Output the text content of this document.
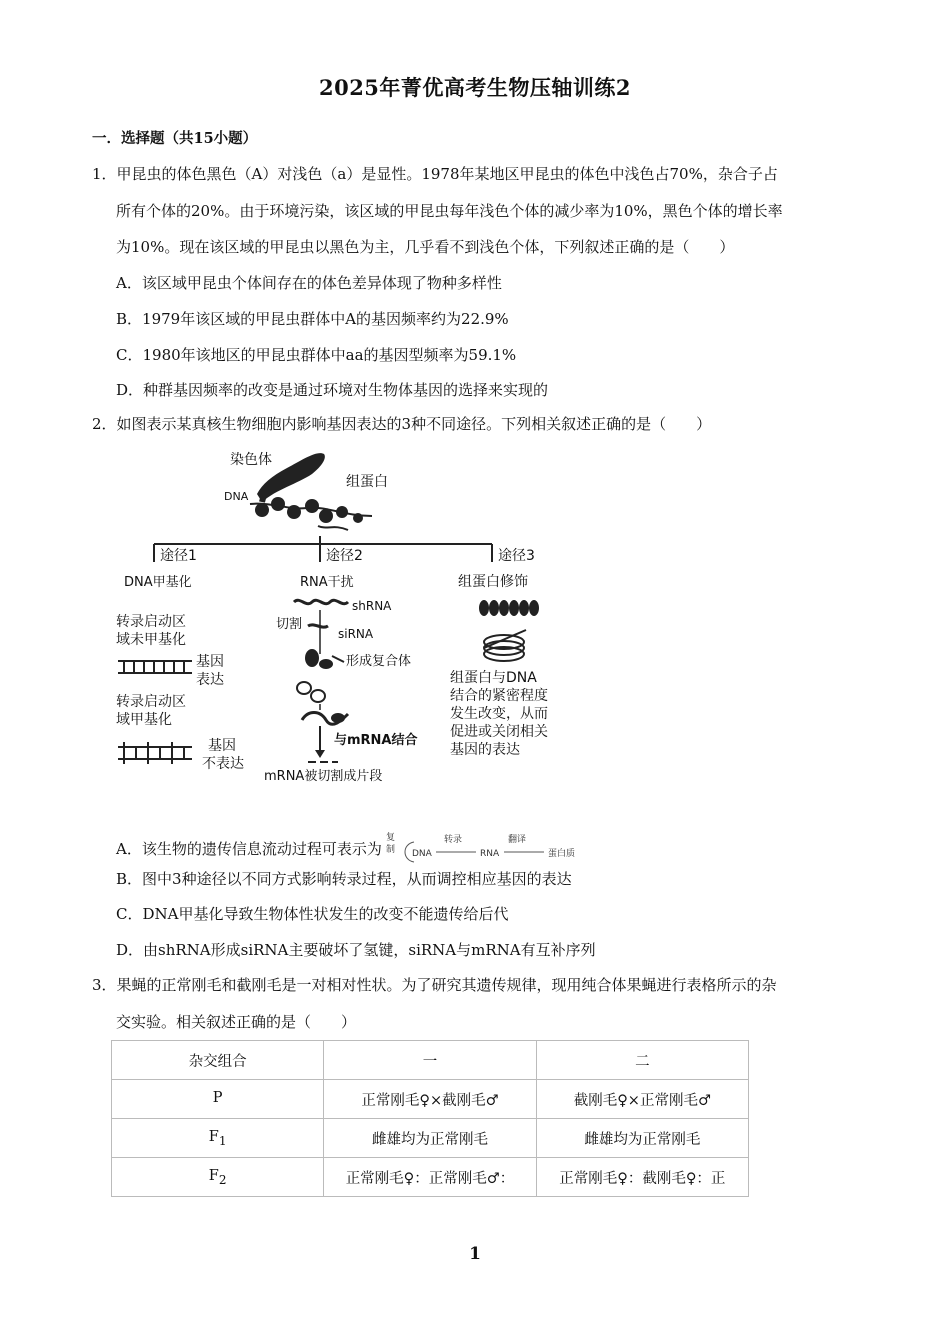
2025年菁优高考生物压轴训练2
一．选择题（共15小题）
1．甲昆虫的体色黑色（A）对浅色（a）是显性。1978年某地区甲昆虫的体色中浅色占70%，杂合子占
所有个体的20%。由于环境污染，该区域的甲昆虫每年浅色个体的减少率为10%，黑色个体的增长率
为10%。现在该区域的甲昆虫以黑色为主，几乎看不到浅色个体，下列叙述正确的是（　　）
A．该区域甲昆虫个体间存在的体色差异体现了物种多样性
B．1979年该区域的甲昆虫群体中A的基因频率约为22.9%
C．1980年该地区的甲昆虫群体中aa的基因型频率为59.1%
D．种群基因频率的改变是通过环境对生物体基因的选择来实现的
2．如图表示某真核生物细胞内影响基因表达的3种不同途径。下列相关叙述正确的是（　　）
染色体
DNA
组蛋白
途径1	途径2	途径3
DNA甲基化	RNA干扰	组蛋白修饰
转录启动区
域未甲基化
基因
表达
转录启动区
域甲基化
基因
不表达
shRNA
切割
siRNA
形成复合体
与mRNA结合
mRNA被切割成片段
组蛋白与DNA
结合的紧密程度
发生改变，从而
促进或关闭相关
基因的表达
A．该生物的遗传信息流动过程可表示为
复
制 DNA
转录
RNA
翻译
蛋白质
B．图中3种途径以不同方式影响转录过程，从而调控相应基因的表达
C．DNA甲基化导致生物体性状发生的改变不能遗传给后代
D．由shRNA形成siRNA主要破坏了氢键，siRNA与mRNA有互补序列
3．果蝇的正常刚毛和截刚毛是一对相对性状。为了研究其遗传规律，现用纯合体果蝇进行表格所示的杂
交实验。相关叙述正确的是（　　）
杂交组合	一	二
P	正常刚毛♀×截刚毛♂	截刚毛♀×正常刚毛♂
$F_1$	雌雄均为正常刚毛	雌雄均为正常刚毛
$F_2$	正常刚毛♀：正常刚毛♂：	正常刚毛♀：截刚毛♀：正
1
